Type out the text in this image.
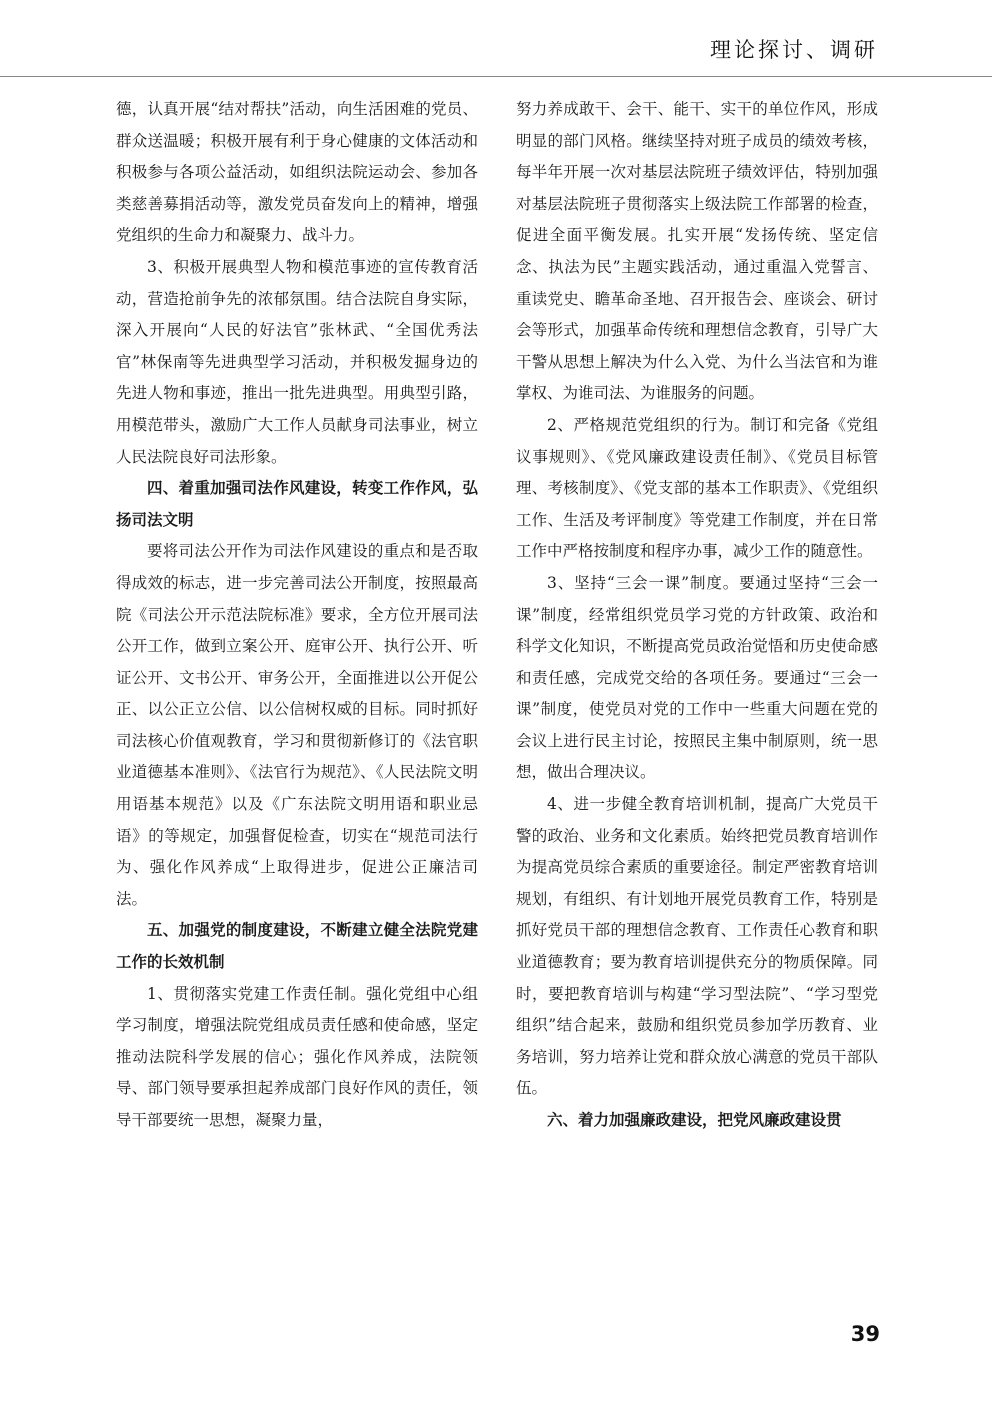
理论探讨、调研

德，认真开展“结对帮扶”活动，向生活困难的党员、群众送温暖；积极开展有利于身心健康的文体活动和积极参与各项公益活动，如组织法院运动会、参加各类慈善募捐活动等，激发党员奋发向上的精神，增强党组织的生命力和凝聚力、战斗力。

3、积极开展典型人物和模范事迹的宣传教育活动，营造抢前争先的浓郁氛围。结合法院自身实际，深入开展向“人民的好法官”张林武、“全国优秀法官”林保南等先进典型学习活动，并积极发掘身边的先进人物和事迹，推出一批先进典型。用典型引路，用模范带头，激励广大工作人员献身司法事业，树立人民法院良好司法形象。

四、着重加强司法作风建设，转变工作作风，弘扬司法文明

要将司法公开作为司法作风建设的重点和是否取得成效的标志，进一步完善司法公开制度，按照最高院《司法公开示范法院标准》要求，全方位开展司法公开工作，做到立案公开、庭审公开、执行公开、听证公开、文书公开、审务公开，全面推进以公开促公正、以公正立公信、以公信树权威的目标。同时抓好司法核心价值观教育，学习和贯彻新修订的《法官职业道德基本准则》、《法官行为规范》、《人民法院文明用语基本规范》以及《广东法院文明用语和职业忌语》的等规定，加强督促检查，切实在“规范司法行为、强化作风养成“上取得进步，促进公正廉洁司法。

五、加强党的制度建设，不断建立健全法院党建工作的长效机制

1、贯彻落实党建工作责任制。强化党组中心组学习制度，增强法院党组成员责任感和使命感，坚定推动法院科学发展的信心；强化作风养成，法院领导、部门领导要承担起养成部门良好作风的责任，领导干部要统一思想，凝聚力量，

努力养成敢干、会干、能干、实干的单位作风，形成明显的部门风格。继续坚持对班子成员的绩效考核，每半年开展一次对基层法院班子绩效评估，特别加强对基层法院班子贯彻落实上级法院工作部署的检查，促进全面平衡发展。扎实开展“发扬传统、坚定信念、执法为民”主题实践活动，通过重温入党誓言、重读党史、瞻革命圣地、召开报告会、座谈会、研讨会等形式，加强革命传统和理想信念教育，引导广大干警从思想上解决为什么入党、为什么当法官和为谁掌权、为谁司法、为谁服务的问题。

2、严格规范党组织的行为。制订和完备《党组议事规则》、《党风廉政建设责任制》、《党员目标管理、考核制度》、《党支部的基本工作职责》、《党组织工作、生活及考评制度》等党建工作制度，并在日常工作中严格按制度和程序办事，减少工作的随意性。

3、坚持“三会一课”制度。要通过坚持“三会一课”制度，经常组织党员学习党的方针政策、政治和科学文化知识，不断提高党员政治觉悟和历史使命感和责任感，完成党交给的各项任务。要通过“三会一课”制度，使党员对党的工作中一些重大问题在党的会议上进行民主讨论，按照民主集中制原则，统一思想，做出合理决议。

4、进一步健全教育培训机制，提高广大党员干警的政治、业务和文化素质。始终把党员教育培训作为提高党员综合素质的重要途径。制定严密教育培训规划，有组织、有计划地开展党员教育工作，特别是抓好党员干部的理想信念教育、工作责任心教育和职业道德教育；要为教育培训提供充分的物质保障。同时，要把教育培训与构建“学习型法院”、“学习型党组织”结合起来，鼓励和组织党员参加学历教育、业务培训，努力培养让党和群众放心满意的党员干部队伍。

六、着力加强廉政建设，把党风廉政建设贯

39
